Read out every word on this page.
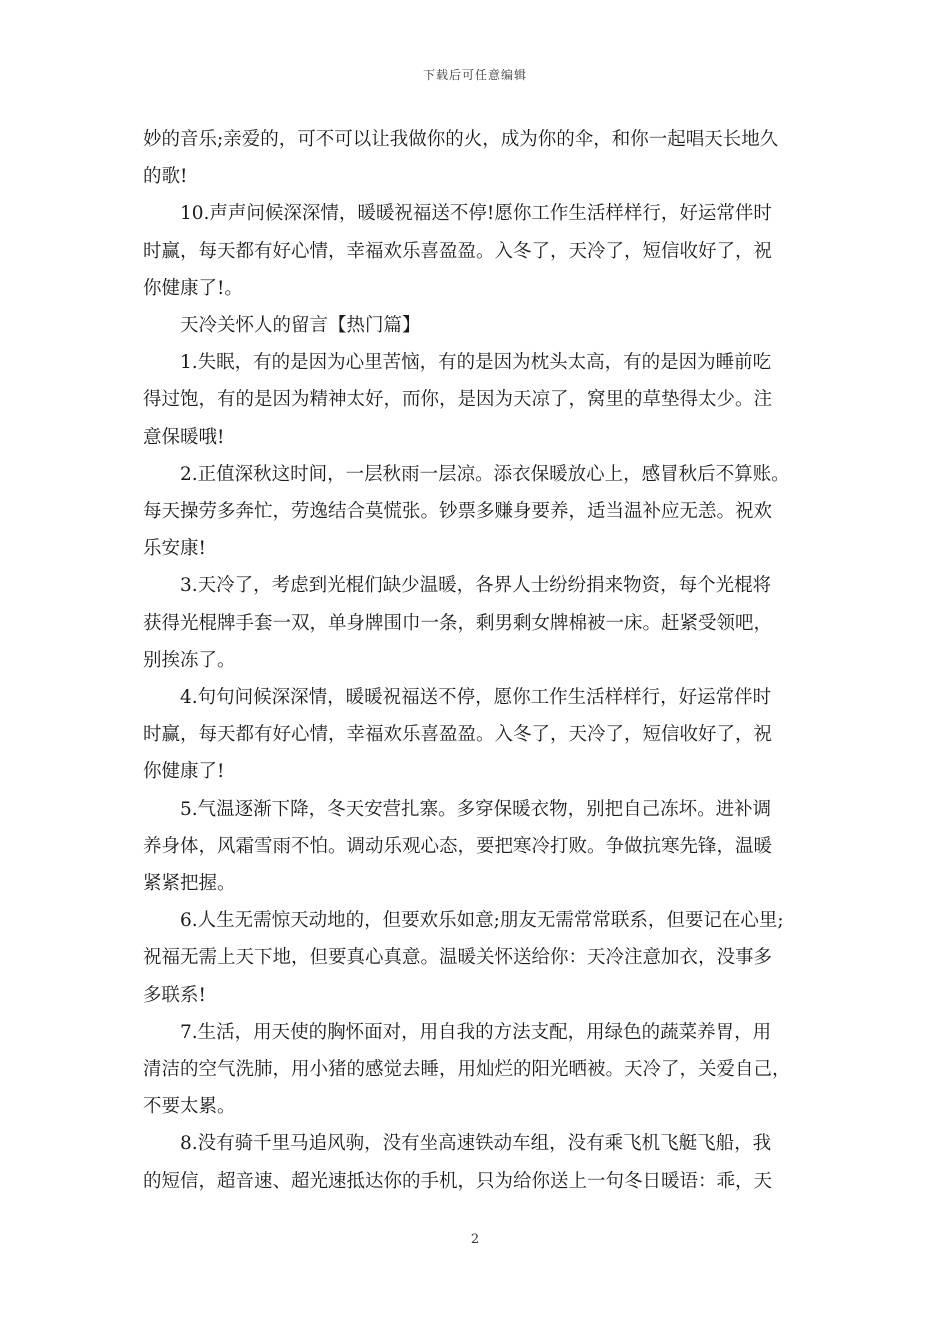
下载后可任意编辑

妙的音乐;亲爱的，可不可以让我做你的火，成为你的伞，和你一起唱天长地久
的歌!

10.声声问候深深情，暖暖祝福送不停!愿你工作生活样样行，好运常伴时
时赢，每天都有好心情，幸福欢乐喜盈盈。入冬了，天冷了，短信收好了，祝
你健康了!。

天冷关怀人的留言【热门篇】

1.失眠，有的是因为心里苦恼，有的是因为枕头太高，有的是因为睡前吃
得过饱，有的是因为精神太好，而你，是因为天凉了，窝里的草垫得太少。注
意保暖哦!

2.正值深秋这时间，一层秋雨一层凉。添衣保暖放心上，感冒秋后不算账。
每天操劳多奔忙，劳逸结合莫慌张。钞票多赚身要养，适当温补应无恙。祝欢
乐安康!

3.天冷了，考虑到光棍们缺少温暖，各界人士纷纷捐来物资，每个光棍将
获得光棍牌手套一双，单身牌围巾一条，剩男剩女牌棉被一床。赶紧受领吧，
别挨冻了。

4.句句问候深深情，暖暖祝福送不停，愿你工作生活样样行，好运常伴时
时赢，每天都有好心情，幸福欢乐喜盈盈。入冬了，天冷了，短信收好了，祝
你健康了!

5.气温逐渐下降，冬天安营扎寨。多穿保暖衣物，别把自己冻坏。进补调
养身体，风霜雪雨不怕。调动乐观心态，要把寒冷打败。争做抗寒先锋，温暖
紧紧把握。

6.人生无需惊天动地的，但要欢乐如意;朋友无需常常联系，但要记在心里;
祝福无需上天下地，但要真心真意。温暖关怀送给你：天冷注意加衣，没事多
多联系!

7.生活，用天使的胸怀面对，用自我的方法支配，用绿色的蔬菜养胃，用
清洁的空气洗肺，用小猪的感觉去睡，用灿烂的阳光晒被。天冷了，关爱自己，
不要太累。

8.没有骑千里马追风驹，没有坐高速铁动车组，没有乘飞机飞艇飞船，我
的短信，超音速、超光速抵达你的手机，只为给你送上一句冬日暖语：乖，天

2
